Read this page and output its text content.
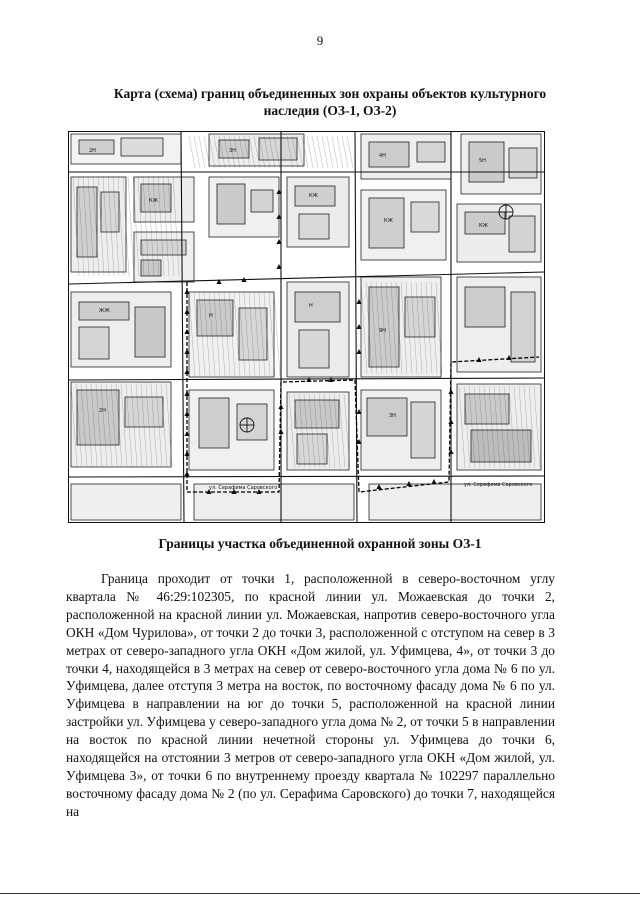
9
Карта (схема) границ объединенных зон охраны объектов культурного наследия (ОЗ-1, ОЗ-2)
ул. Серафима Саровского	ул. Серафима Саровского
2Н	3Н
4Н
5Н
КЖ
КЖ
КЖ
КЖ
ЖЖ
Н
Н
9Н
2Н
3Н
Границы участка объединенной охранной зоны ОЗ-1

Граница проходит от точки 1, расположенной в северо-восточном углу квартала № 46:29:102305, по красной линии ул. Можаевская до точки 2, расположенной на красной линии ул. Можаевская, напротив северо-восточного угла ОКН «Дом Чурилова», от точки 2 до точки 3, расположенной с отступом на север в 3 метрах от северо-западного угла ОКН «Дом жилой, ул. Уфимцева, 4», от точки 3 до точки 4, находящейся в 3 метрах на север от северо-восточного угла дома № 6 по ул. Уфимцева, далее отступя 3 метра на восток, по восточному фасаду дома № 6 по ул. Уфимцева в направлении на юг до точки 5, расположенной на красной линии застройки ул. Уфимцева у северо-западного угла дома № 2, от точки 5 в направлении на восток по красной линии нечетной стороны ул. Уфимцева до точки 6, находящейся на отстоянии 3 метров от северо-западного угла ОКН «Дом жилой, ул. Уфимцева 3», от точки 6 по внутреннему проезду квартала № 102297 параллельно восточному фасаду дома № 2 (по ул. Серафима Саровского) до точки 7, находящейся на
